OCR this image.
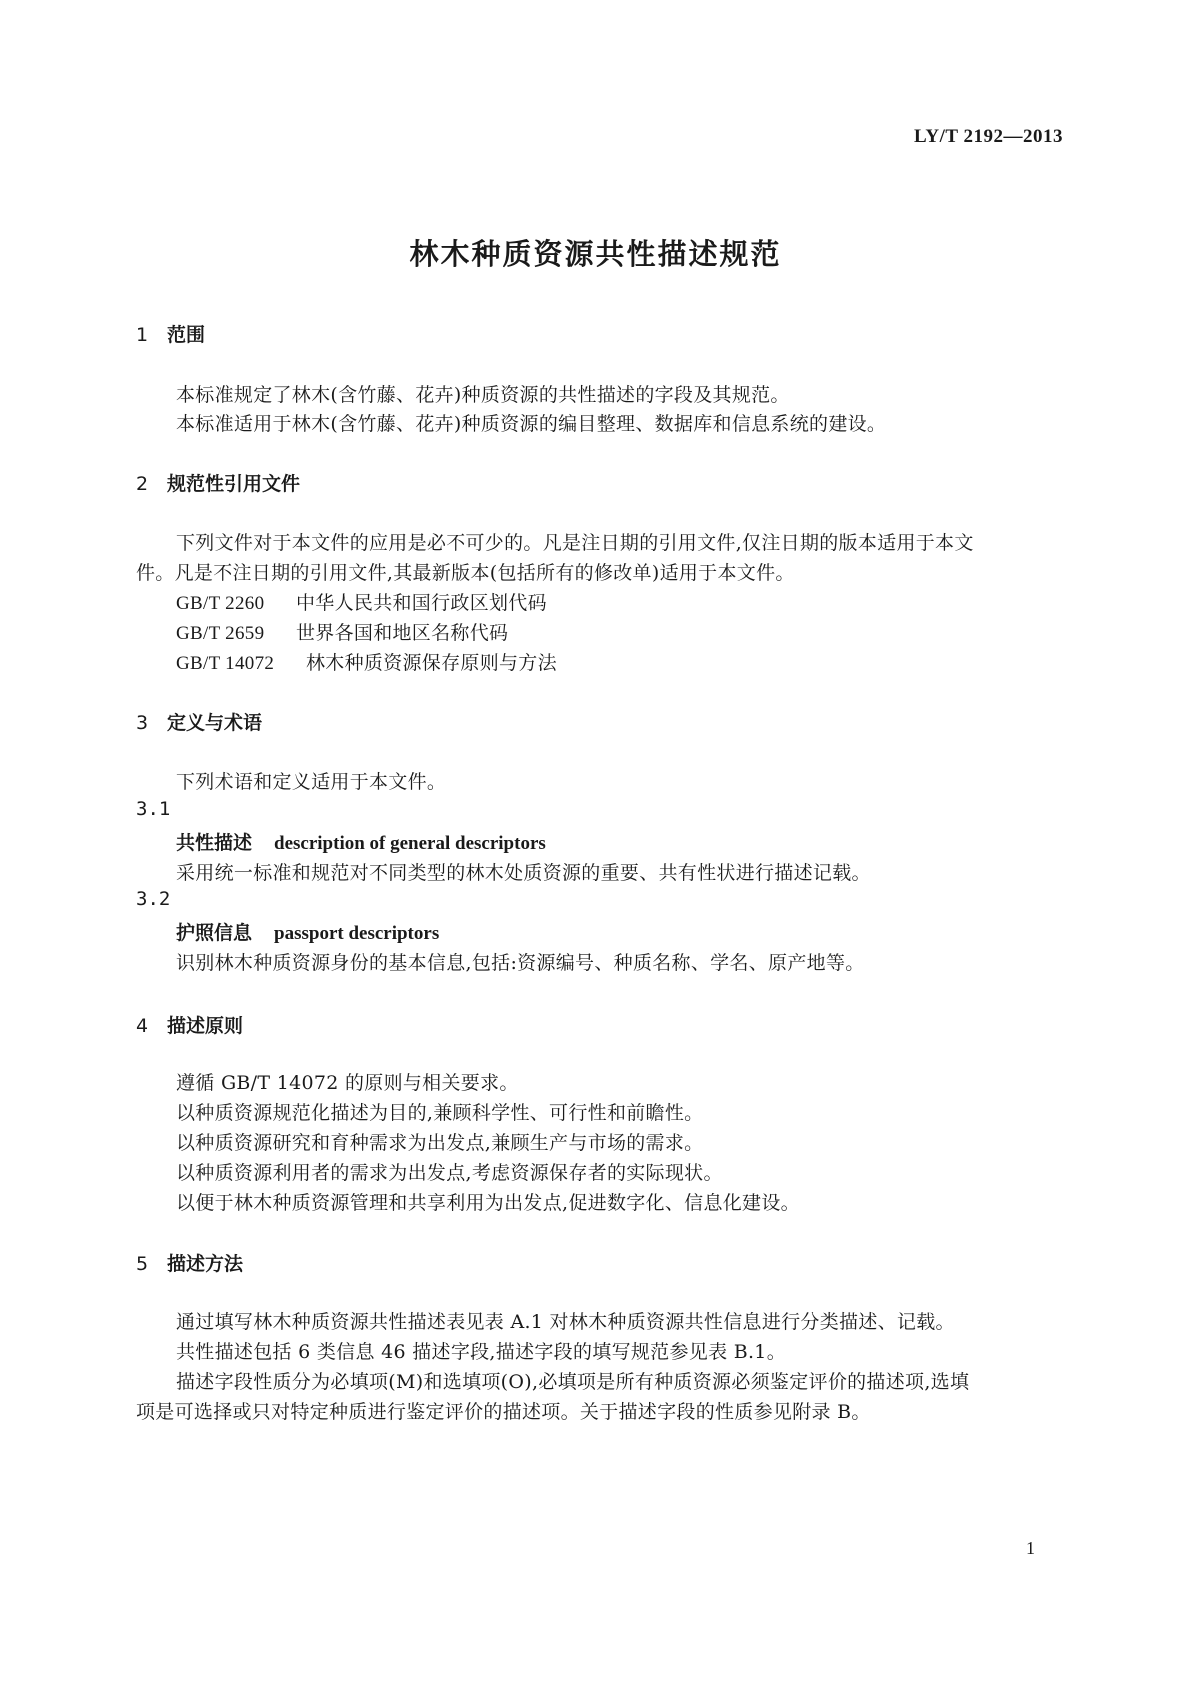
LY/T 2192—2013
林木种质资源共性描述规范
1 范围
本标准规定了林木(含竹藤、花卉)种质资源的共性描述的字段及其规范。
本标准适用于林木(含竹藤、花卉)种质资源的编目整理、数据库和信息系统的建设。
2 规范性引用文件
下列文件对于本文件的应用是必不可少的。凡是注日期的引用文件,仅注日期的版本适用于本文
件。凡是不注日期的引用文件,其最新版本(包括所有的修改单)适用于本文件。
GB/T 2260 中华人民共和国行政区划代码
GB/T 2659 世界各国和地区名称代码
GB/T 14072 林木种质资源保存原则与方法
3 定义与术语
下列术语和定义适用于本文件。
3.1
共性描述 description of general descriptors
采用统一标准和规范对不同类型的林木处质资源的重要、共有性状进行描述记载。
3.2
护照信息 passport descriptors
识别林木种质资源身份的基本信息,包括:资源编号、种质名称、学名、原产地等。
4 描述原则
遵循 GB/T 14072 的原则与相关要求。
以种质资源规范化描述为目的,兼顾科学性、可行性和前瞻性。
以种质资源研究和育种需求为出发点,兼顾生产与市场的需求。
以种质资源利用者的需求为出发点,考虑资源保存者的实际现状。
以便于林木种质资源管理和共享利用为出发点,促进数字化、信息化建设。
5 描述方法
通过填写林木种质资源共性描述表见表 A.1 对林木种质资源共性信息进行分类描述、记载。
共性描述包括 6 类信息 46 描述字段,描述字段的填写规范参见表 B.1。
描述字段性质分为必填项(M)和选填项(O),必填项是所有种质资源必须鉴定评价的描述项,选填
项是可选择或只对特定种质进行鉴定评价的描述项。关于描述字段的性质参见附录 B。
1
